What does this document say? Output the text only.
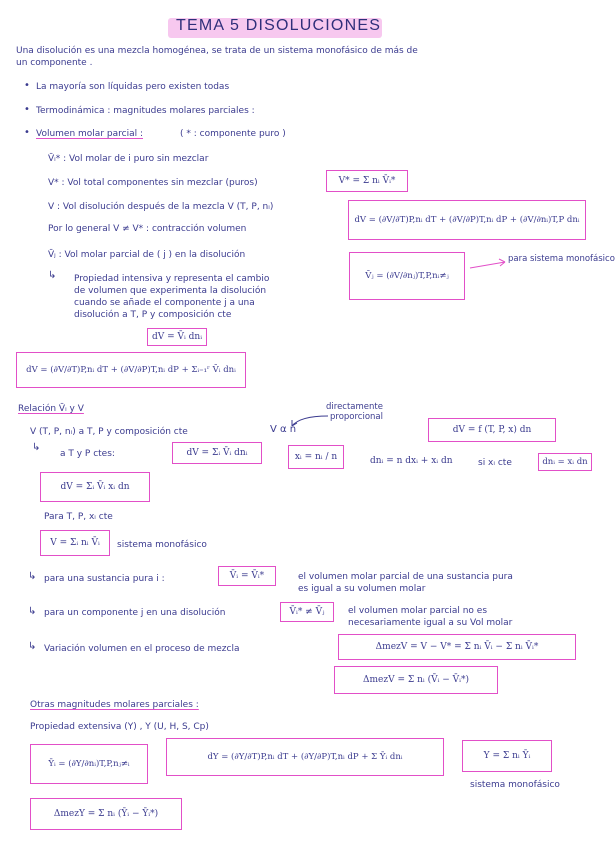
TEMA 5 DISOLUCIONES
Una disolución es una mezcla homogénea, se trata de un sistema monofásico de más de
un componente .
• La mayoría son líquidas pero existen todas
• Termodinámica : magnitudes molares parciales :
• Volumen molar parcial :	( * : componente puro )
V̄ᵢ* : Vol molar de i puro sin mezclar
V* : Vol total componentes sin mezclar (puros)	V* = Σ nᵢ V̄ᵢ*
V : Vol disolución después de la mezcla V (T, P, nᵢ)
dV = (∂V/∂T)P,nᵢ dT + (∂V/∂P)T,nᵢ dP + (∂V/∂nᵢ)T,P dnᵢ
Por lo general V ≠ V* : contracción volumen
V̄ⱼ : Vol molar parcial de ( j ) en la disolución
V̄ⱼ = (∂V/∂nⱼ)T,P,nᵢ≠ⱼ
para sistema monofásico
↳ Propiedad intensiva y representa el cambio
de volumen que experimenta la disolución
cuando se añade el componente j a una
disolución a T, P y composición cte
dV = V̄ᵢ dnᵢ
dV = (∂V/∂T)P,nᵢ dT + (∂V/∂P)T,nᵢ dP + Σᵢ₌₁ʳ V̄ᵢ dnᵢ
Relación V̄ᵢ y V	directamente
proporcional
V (T, P, nᵢ) a T, P y composición cte	V α n	dV = f (T, P, x) dn
↳
a T y P ctes:	dV = Σᵢ V̄ᵢ dnᵢ	xᵢ = nᵢ / n	dnᵢ = n dxᵢ + xᵢ dn	si xᵢ cte	dnᵢ = xᵢ dn
dV = Σᵢ V̄ᵢ xᵢ dn
Para T, P, xᵢ cte
V = Σᵢ nᵢ V̄ᵢ	sistema monofásico
↳ para una sustancia pura i :	V̄ᵢ = V̄ᵢ*	el volumen molar parcial de una sustancia pura
es igual a su volumen molar
↳ para un componente j en una disolución	V̄ᵢ* ≠ V̄ⱼ	el volumen molar parcial no es
necesariamente igual a su Vol molar
↳ Variación volumen en el proceso de mezcla	ΔmezV = V − V* = Σ nᵢ V̄ᵢ − Σ nᵢ V̄ᵢ*
ΔmezV = Σ nᵢ (V̄ᵢ − V̄ᵢ*)
Otras magnitudes molares parciales :
Propiedad extensiva (Y) , Y (U, H, S, Cp)
Ȳᵢ = (∂Y/∂nᵢ)T,P,nⱼ≠ᵢ
dY = (∂Y/∂T)P,nᵢ dT + (∂Y/∂P)T,nᵢ dP + Σ Ȳᵢ dnᵢ	Y = Σ nᵢ Ȳᵢ
sistema monofásico
ΔmezY = Σ nᵢ (Ȳᵢ − Ȳᵢ*)
